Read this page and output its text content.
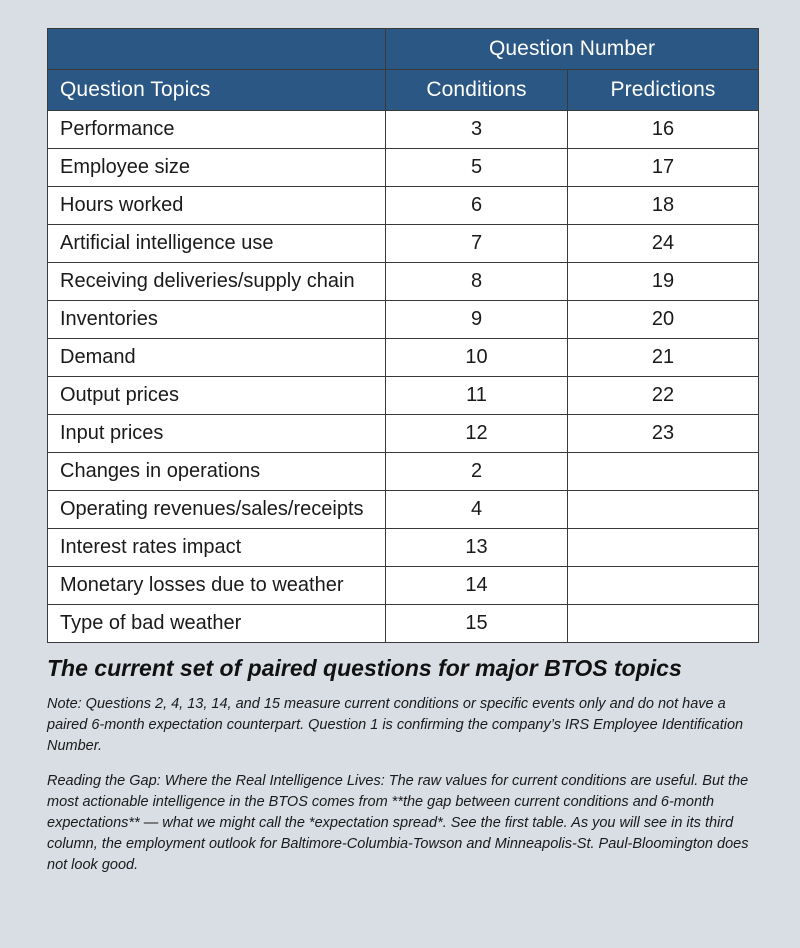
	Question Number	
Question Topics	Conditions	Predictions
Performance	3	16
Employee size	5	17
Hours worked	6	18
Artificial intelligence use	7	24
Receiving deliveries/supply chain	8	19
Inventories	9	20
Demand	10	21
Output prices	11	22
Input prices	12	23
Changes in operations	2	
Operating revenues/sales/receipts	4	
Interest rates impact	13	
Monetary losses due to weather	14	
Type of bad weather	15	
The current set of paired questions for major BTOS topics
Note: Questions 2, 4, 13, 14, and 15 measure current conditions or specific events only and do not have a paired 6-month expectation counterpart. Question 1 is confirming the company’s IRS Employee Identification Number.
Reading the Gap: Where the Real Intelligence Lives: The raw values for current conditions are useful. But the most actionable intelligence in the BTOS comes from **the gap between current conditions and 6-month expectations** — what we might call the *expectation spread*. See the first table. As you will see in its third column, the employment outlook for Baltimore-Columbia-Towson and Minneapolis-St. Paul-Bloomington does not look good.
